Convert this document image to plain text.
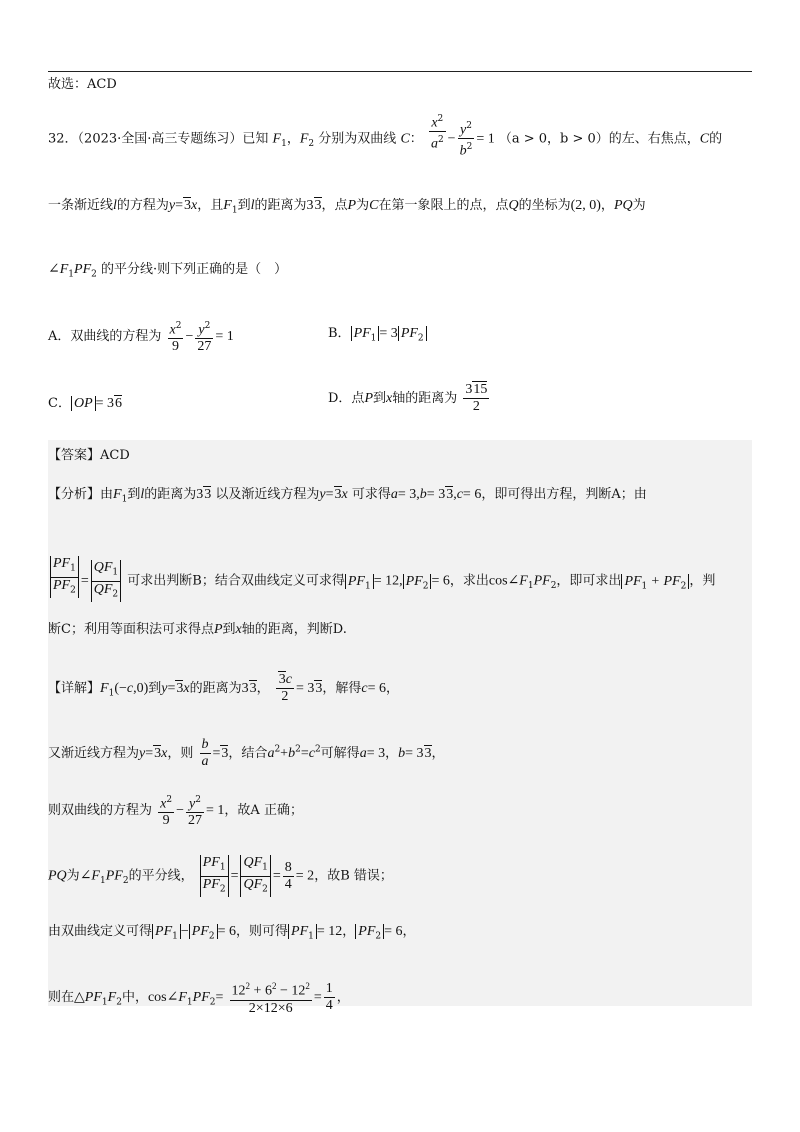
故选：ACD
32．（2023·全国·高三专题练习）已知 $F_1$，$F_2$ 分别为双曲线 C： $\frac{x^2}{a^2} - \frac{y^2}{b^2} = 1$ （a > 0，b > 0）的左、右焦点，C的
一条渐近线l的方程为y=3x，且$F_1$到l的距离为33，点P为C在第一象限上的点，点Q的坐标为(2, 0)，PQ为
$\angle F_1PF_2$ 的平分线·则下列正确的是（　）
A．双曲线的方程为 $\frac{x^2}{9} - \frac{y^2}{27} = 1$	B． $PF_1 = 3$ $PF_2$
C． OP = 36	D．点P到x轴的距离为 $\frac{315}{2}$
【答案】ACD
【分析】由$F_1$到l的距离为33 以及渐近线方程为y=3x 可求得a= 3,b= 33,c= 6，即可得出方程，判断A；由
$\frac{PF_1}{PF_2} = \frac{QF_1}{QF_2}$ 可求出判断B；结合双曲线定义可求得 $PF_1 = 12$, $PF_2 = 6$，求出$\cos\angle F_1PF_2$，即可求出 $PF_1 + PF_2$ ，判
断C；利用等面积法可求得点P到x轴的距离，判断D.
【详解】$F_1(-c,0)$到y=3x的距离为33， $\frac{3c}{2} = 33$，解得c= 6，
又渐近线方程为y=3x，则 $\frac{b}{a} =3$，结合$a^2+b^2=c^2$可解得a= 3，b= 33，
则双曲线的方程为 $\frac{x^2}{9} - \frac{y^2}{27} = 1$，故A 正确；
PQ为$\angle F_1PF_2$的平分线， $\frac{PF_1}{PF_2} = \frac{QF_1}{QF_2} = \frac{8}{4} = 2$，故B 错误；
由双曲线定义可得 $PF_1 - PF_2 = 6$，则可得 $PF_1 = 12$， $PF_2 = 6$，
则在$\triangle PF_1F_2$中，$\cos\angle F_1PF_2= \frac{12^2 + 6^2 - 12^2}{2\times 12\times 6} = \frac{1}{4}$ ，
